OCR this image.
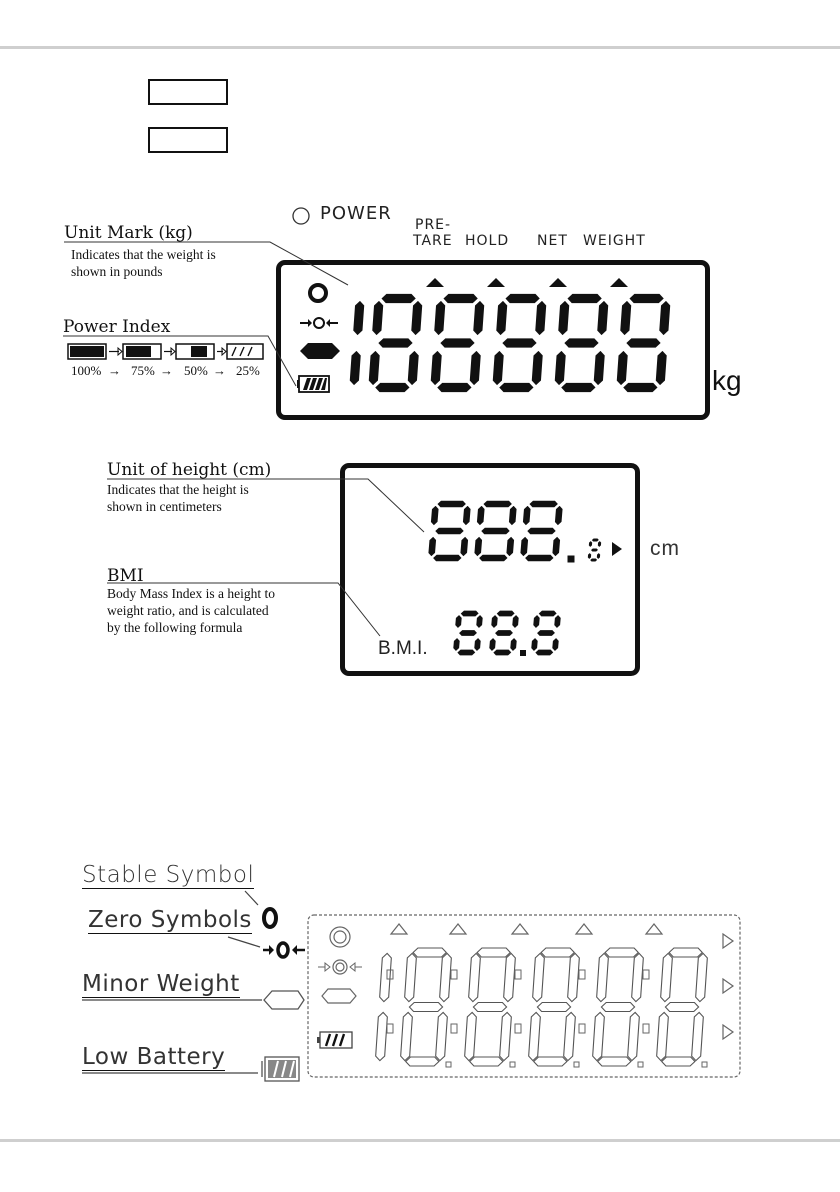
POWER
PRE-
TARE HOLD NET WEIGHT
kg
Unit Mark (kg)
Indicates that the weight is
shown in pounds
Power Index
100% → 75% → 50% → 25%
B.M.I.
cm
Unit of height (cm)
Indicates that the height is
shown in centimeters
BMI
Body Mass Index is a height to
weight ratio, and is calculated
by the following formula
Stable Symbol
Zero Symbols
Minor Weight
Low Battery
